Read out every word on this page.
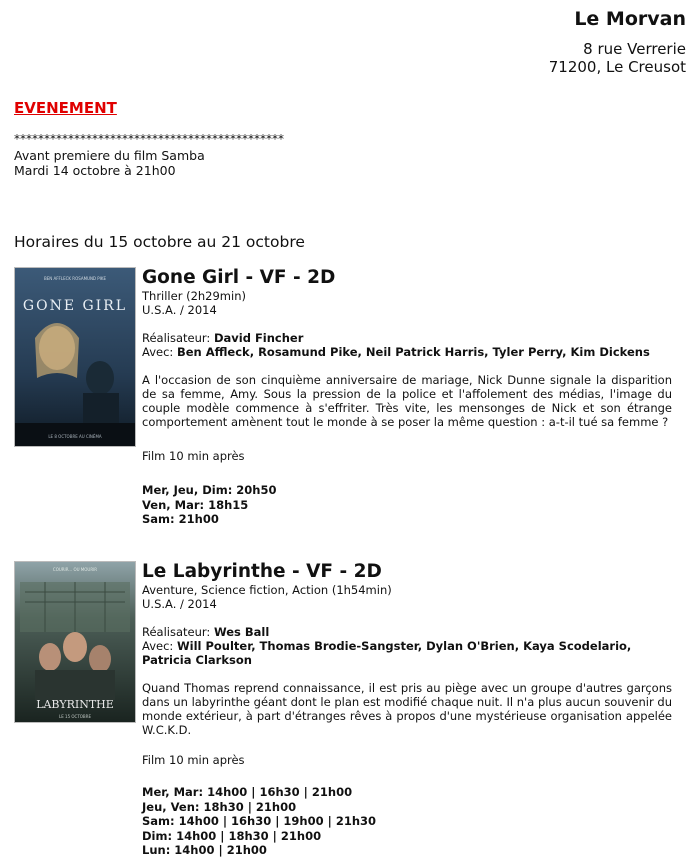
Le Morvan
8 rue Verrerie
71200, Le Creusot
EVENEMENT
*********************************************
Avant premiere du film Samba
Mardi 14 octobre à 21h00
Horaires du 15 octobre au 21 octobre
BEN AFFLECK ROSAMUND PIKE
GONE GIRL
LE 8 OCTOBRE AU CINÉMA
Gone Girl - VF - 2D
Thriller (2h29min)
U.S.A. / 2014
Réalisateur: David Fincher
Avec: Ben Affleck, Rosamund Pike, Neil Patrick Harris, Tyler Perry, Kim Dickens
A l'occasion de son cinquième anniversaire de mariage, Nick Dunne signale la disparition de sa femme, Amy. Sous la pression de la police et l'affolement des médias, l'image du couple modèle commence à s'effriter. Très vite, les mensonges de Nick et son étrange comportement amènent tout le monde à se poser la même question : a-t-il tué sa femme ?
Film 10 min après
Mer, Jeu, Dim: 20h50
Ven, Mar: 18h15
Sam: 21h00
COURIR... OU MOURIR
LABYRINTHE
LE 15 OCTOBRE
Le Labyrinthe - VF - 2D
Aventure, Science fiction, Action (1h54min)
U.S.A. / 2014
Réalisateur: Wes Ball
Avec: Will Poulter, Thomas Brodie-Sangster, Dylan O'Brien, Kaya Scodelario, Patricia Clarkson
Quand Thomas reprend connaissance, il est pris au piège avec un groupe d'autres garçons dans un labyrinthe géant dont le plan est modifié chaque nuit. Il n'a plus aucun souvenir du monde extérieur, à part d'étranges rêves à propos d'une mystérieuse organisation appelée W.C.K.D.
Film 10 min après
Mer, Mar: 14h00 | 16h30 | 21h00
Jeu, Ven: 18h30 | 21h00
Sam: 14h00 | 16h30 | 19h00 | 21h30
Dim: 14h00 | 18h30 | 21h00
Lun: 14h00 | 21h00
